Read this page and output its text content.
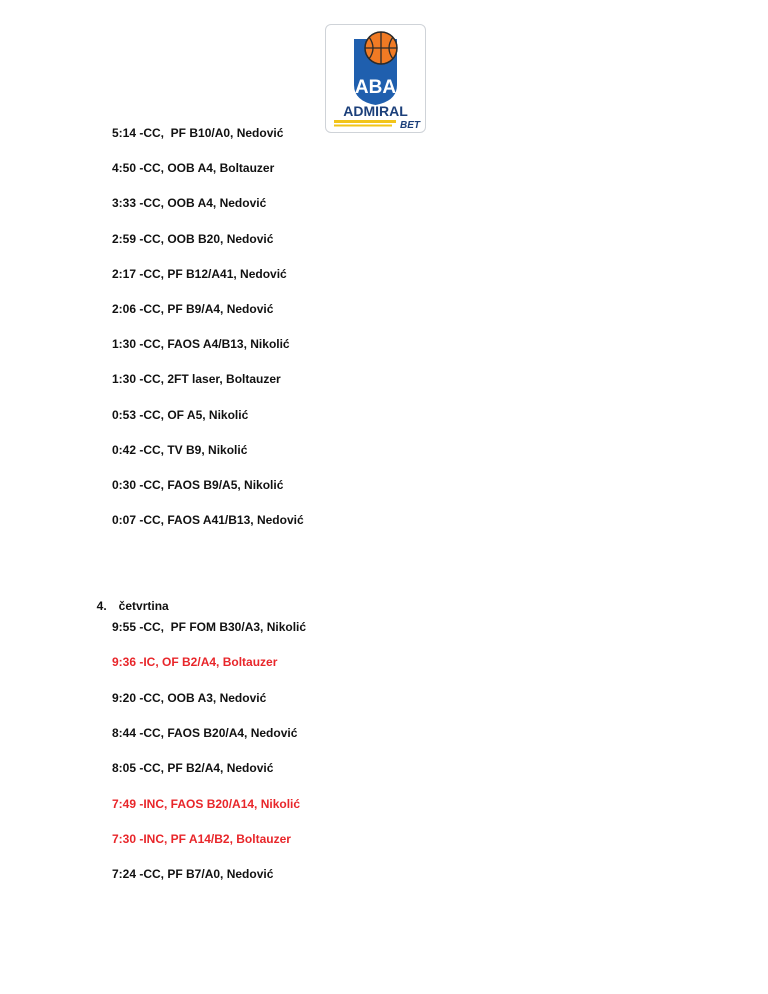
ABA
ADMIRAL
BET
5:14 -CC,  PF B10/A0, Nedović
4:50 -CC, OOB A4, Boltauzer
3:33 -CC, OOB A4, Nedović
2:59 -CC, OOB B20, Nedović
2:17 -CC, PF B12/A41, Nedović
2:06 -CC, PF B9/A4, Nedović
1:30 -CC, FAOS A4/B13, Nikolić
1:30 -CC, 2FT laser, Boltauzer
0:53 -CC, OF A5, Nikolić
0:42 -CC, TV B9, Nikolić
0:30 -CC, FAOS B9/A5, Nikolić
0:07 -CC, FAOS A41/B13, Nedović

4. četvrtina

9:55 -CC,  PF FOM B30/A3, Nikolić
9:36 -IC, OF B2/A4, Boltauzer
9:20 -CC, OOB A3, Nedović
8:44 -CC, FAOS B20/A4, Nedović
8:05 -CC, PF B2/A4, Nedović
7:49 -INC, FAOS B20/A14, Nikolić
7:30 -INC, PF A14/B2, Boltauzer
7:24 -CC, PF B7/A0, Nedović
